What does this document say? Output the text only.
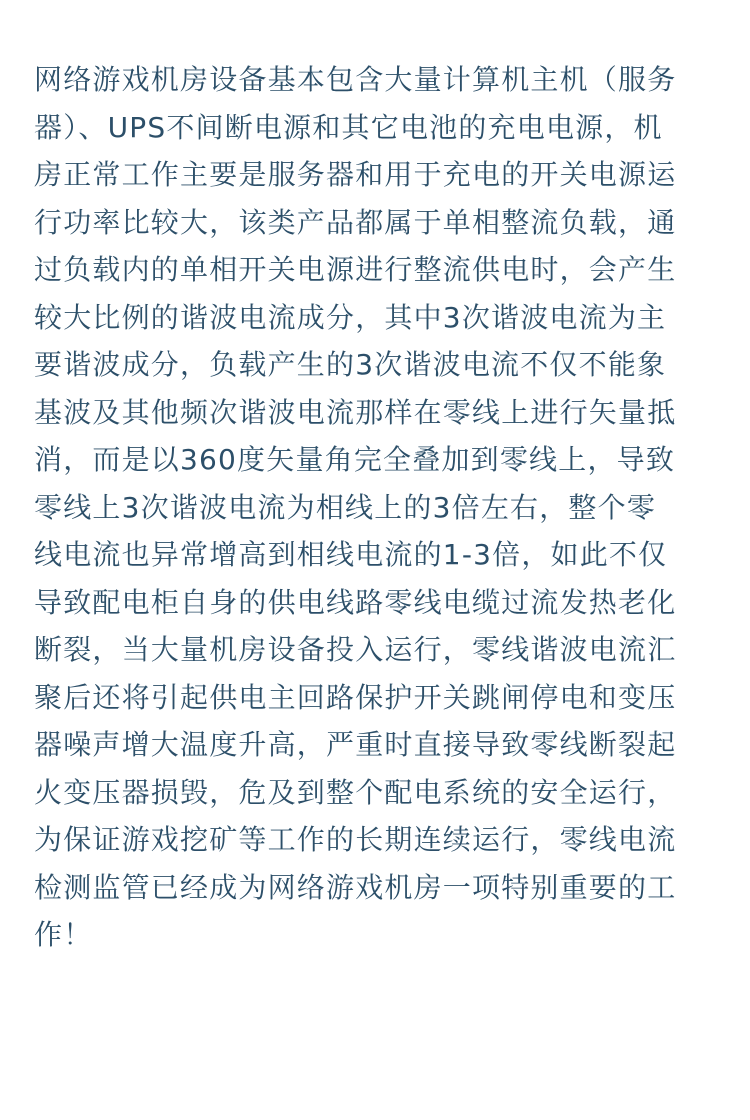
网络游戏机房设备基本包含大量计算机主机（服务
器）、UPS不间断电源和其它电池的充电电源，机
房正常工作主要是服务器和用于充电的开关电源运
行功率比较大，该类产品都属于单相整流负载，通
过负载内的单相开关电源进行整流供电时，会产生
较大比例的谐波电流成分，其中3次谐波电流为主
要谐波成分，负载产生的3次谐波电流不仅不能象
基波及其他频次谐波电流那样在零线上进行矢量抵
消，而是以360度矢量角完全叠加到零线上，导致
零线上3次谐波电流为相线上的3倍左右，整个零
线电流也异常增高到相线电流的1-3倍，如此不仅
导致配电柜自身的供电线路零线电缆过流发热老化
断裂，当大量机房设备投入运行，零线谐波电流汇
聚后还将引起供电主回路保护开关跳闸停电和变压
器噪声增大温度升高，严重时直接导致零线断裂起
火变压器损毁，危及到整个配电系统的安全运行，
为保证游戏挖矿等工作的长期连续运行，零线电流
检测监管已经成为网络游戏机房一项特别重要的工
作！
